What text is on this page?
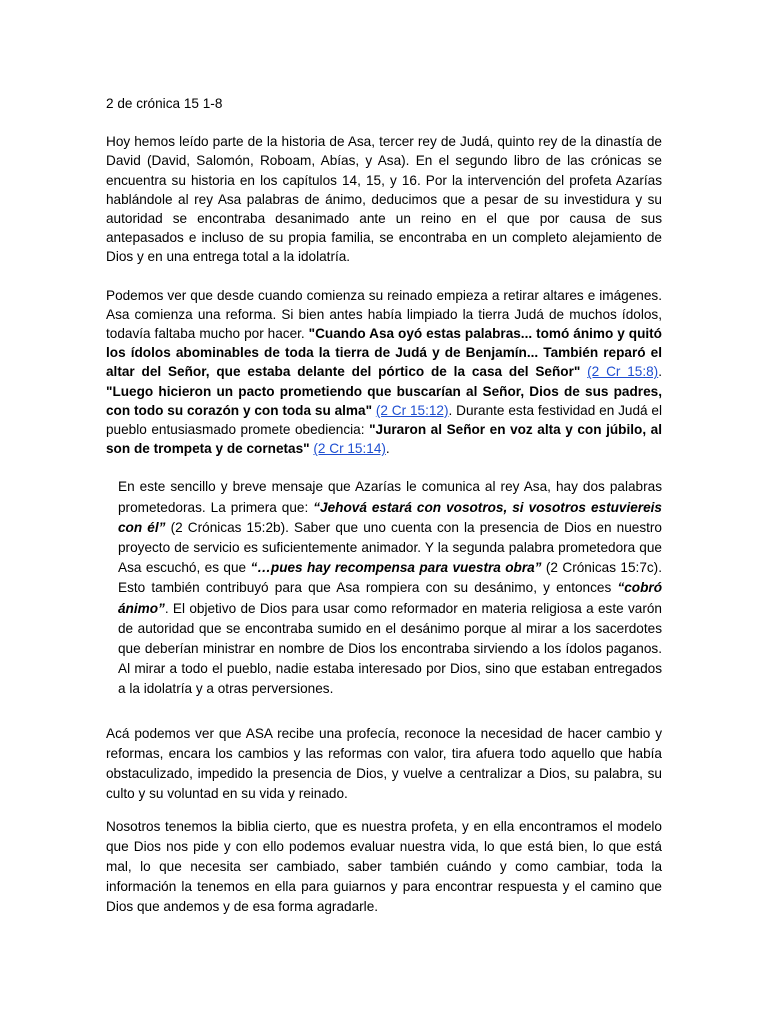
2 de crónica 15 1-8

Hoy hemos leído parte de la historia de Asa, tercer rey de Judá, quinto rey de la dinastía de David (David, Salomón, Roboam, Abías, y Asa). En el segundo libro de las crónicas se encuentra su historia en los capítulos 14, 15, y 16. Por la intervención del profeta Azarías hablándole al rey Asa palabras de ánimo, deducimos que a pesar de su investidura y su autoridad se encontraba desanimado ante un reino en el que por causa de sus antepasados e incluso de su propia familia, se encontraba en un completo alejamiento de Dios y en una entrega total a la idolatría.

Podemos ver que desde cuando comienza su reinado empieza a retirar altares e imágenes. Asa comienza una reforma. Si bien antes había limpiado la tierra Judá de muchos ídolos, todavía faltaba mucho por hacer. "Cuando Asa oyó estas palabras... tomó ánimo y quitó los ídolos abominables de toda la tierra de Judá y de Benjamín... También reparó el altar del Señor, que estaba delante del pórtico de la casa del Señor" (2 Cr 15:8). "Luego hicieron un pacto prometiendo que buscarían al Señor, Dios de sus padres, con todo su corazón y con toda su alma" (2 Cr 15:12). Durante esta festividad en Judá el pueblo entusiasmado promete obediencia: "Juraron al Señor en voz alta y con júbilo, al son de trompeta y de cornetas" (2 Cr 15:14).

En este sencillo y breve mensaje que Azarías le comunica al rey Asa, hay dos palabras prometedoras. La primera que: “Jehová estará con vosotros, si vosotros estuviereis con él” (2 Crónicas 15:2b). Saber que uno cuenta con la presencia de Dios en nuestro proyecto de servicio es suficientemente animador. Y la segunda palabra prometedora que Asa escuchó, es que “…pues hay recompensa para vuestra obra” (2 Crónicas 15:7c). Esto también contribuyó para que Asa rompiera con su desánimo, y entonces “cobró ánimo”. El objetivo de Dios para usar como reformador en materia religiosa a este varón de autoridad que se encontraba sumido en el desánimo porque al mirar a los sacerdotes que deberían ministrar en nombre de Dios los encontraba sirviendo a los ídolos paganos. Al mirar a todo el pueblo, nadie estaba interesado por Dios, sino que estaban entregados a la idolatría y a otras perversiones.

Acá podemos ver que ASA recibe una profecía, reconoce la necesidad de hacer cambio y reformas, encara los cambios y las reformas con valor, tira afuera todo aquello que había obstaculizado, impedido la presencia de Dios, y vuelve a centralizar a Dios, su palabra, su culto y su voluntad en su vida y reinado.

Nosotros tenemos la biblia cierto, que es nuestra profeta, y en ella encontramos el modelo que Dios nos pide y con ello podemos evaluar nuestra vida, lo que está bien, lo que está mal, lo que necesita ser cambiado, saber también cuándo y como cambiar, toda la información la tenemos en ella para guiarnos y para encontrar respuesta y el camino que Dios que andemos y de esa forma agradarle.
